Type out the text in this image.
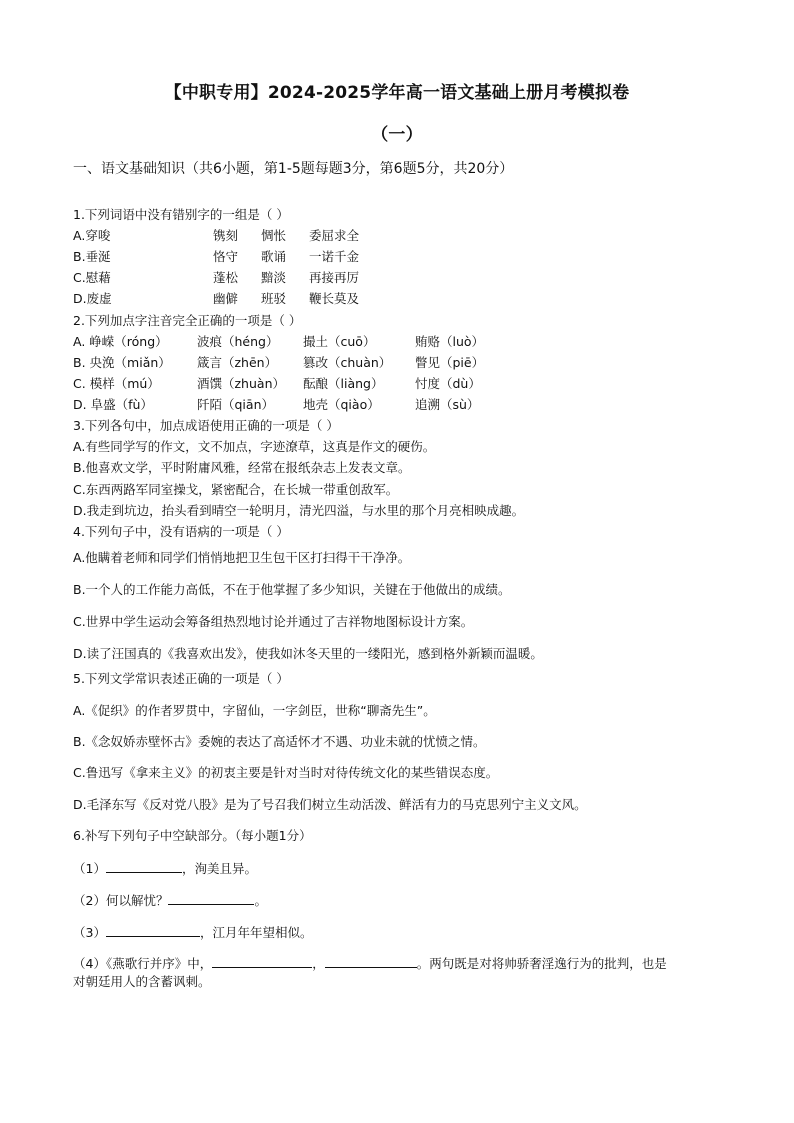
【中职专用】2024-2025学年高一语文基础上册月考模拟卷
（一）
一、语文基础知识（共6小题，第1-5题每题3分，第6题5分，共20分）
1.下列词语中没有错别字的一组是（ ）
A.穿唆	镌刻 惆怅 委屈求全
B.垂涎	恪守 歌诵 一诺千金
C.慰藉	蓬松 黯淡 再接再厉
D.废虚	幽僻 班驳 鞭长莫及
2.下列加点字注音完全正确的一项是（ ）
A. 峥嵘（róng） 波痕（héng） 撮土（cuō）	贿赂（luò）
B. 央浼（miǎn） 箴言（zhēn） 篡改（chuàn） 瞥见（piē）
C. 模样（mú）	酒馔（zhuàn） 酝酿（liàng）	忖度（dù）
D. 阜盛（fù）	阡陌（qiān） 地壳（qiào）	追溯（sù）
3.下列各句中，加点成语使用正确的一项是（ ）
A.有些同学写的作文，文不加点，字迹潦草，这真是作文的硬伤。
B.他喜欢文学，平时附庸风雅，经常在报纸杂志上发表文章。
C.东西两路军同室操戈，紧密配合，在长城一带重创敌军。
D.我走到坑边，抬头看到晴空一轮明月，清光四溢，与水里的那个月亮相映成趣。
4.下列句子中，没有语病的一项是（ ）
A.他瞒着老师和同学们悄悄地把卫生包干区打扫得干干净净。
B.一个人的工作能力高低，不在于他掌握了多少知识，关键在于他做出的成绩。
C.世界中学生运动会筹备组热烈地讨论并通过了吉祥物地图标设计方案。
D.读了汪国真的《我喜欢出发》，使我如沐冬天里的一缕阳光，感到格外新颖而温暖。
5.下列文学常识表述正确的一项是（ ）
A.《促织》的作者罗贯中，字留仙，一字剑臣，世称“聊斋先生”。
B.《念奴娇赤壁怀古》委婉的表达了高适怀才不遇、功业未就的忧愤之情。
C.鲁迅写《拿来主义》的初衷主要是针对当时对待传统文化的某些错误态度。
D.毛泽东写《反对党八股》是为了号召我们树立生动活泼、鲜活有力的马克思列宁主义文风。
6.补写下列句子中空缺部分。（每小题1分）
（1）	，洵美且异。
（2）何以解忧？	。
（3）	，江月年年望相似。
（4）《燕歌行并序》中，	，	。两句既是对将帅骄奢淫逸行为的批判，也是
对朝廷用人的含蓄讽刺。
